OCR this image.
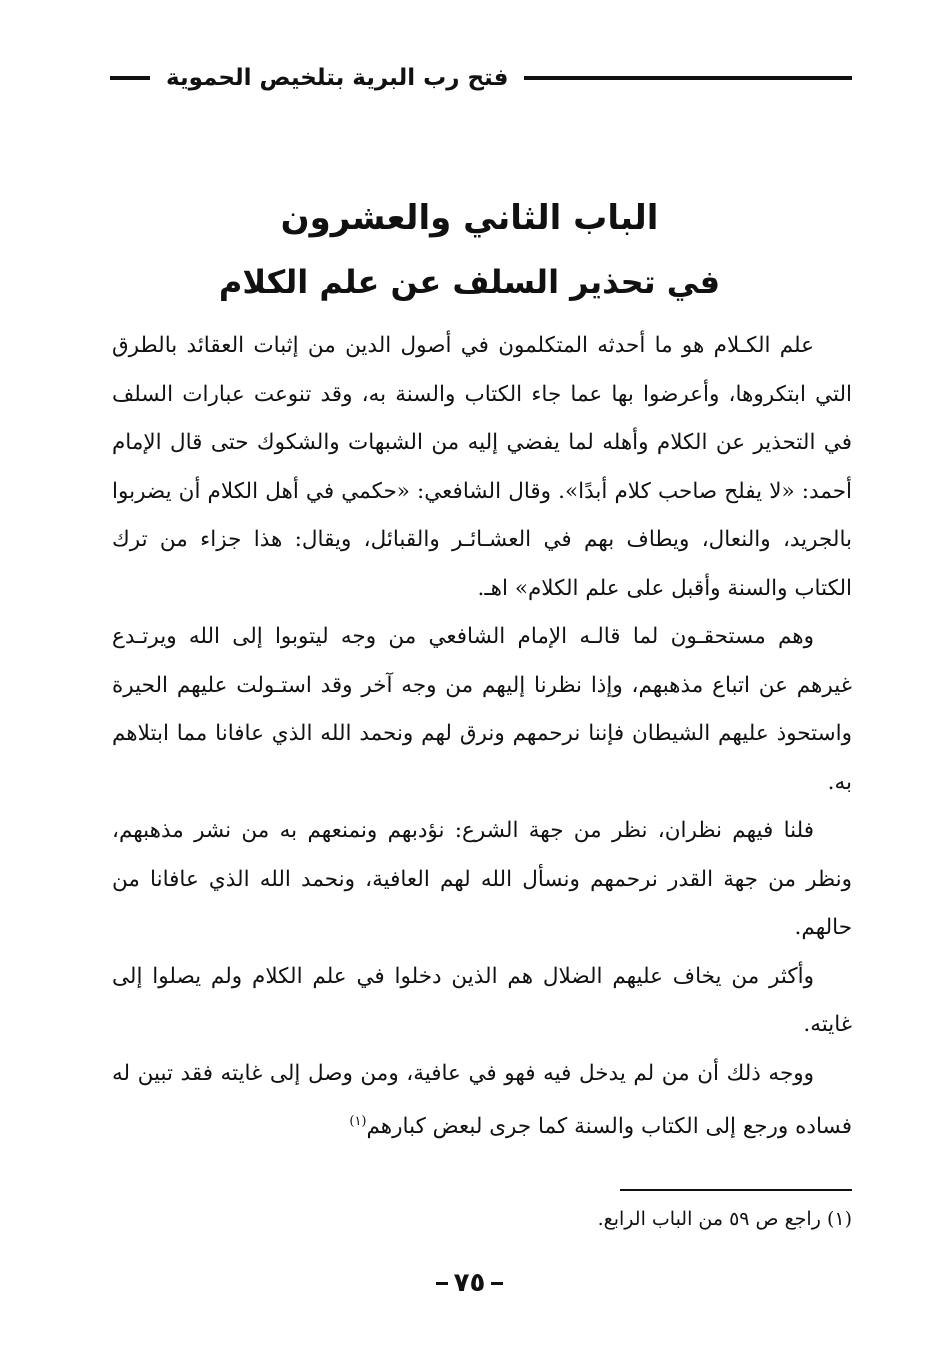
فتح رب البرية بتلخيص الحموية
الباب الثاني والعشرون
في تحذير السلف عن علم الكلام

علم الكـلام هو ما أحدثه المتكلمون في أصول الدين من إثبات العقائد بالطرق التي ابتكروها، وأعرضوا بها عما جاء الكتاب والسنة به، وقد تنوعت عبارات السلف في التحذير عن الكلام وأهله لما يفضي إليه من الشبهات والشكوك حتى قال الإمام أحمد: «لا يفلح صاحب كلام أبدًا». وقال الشافعي: «حكمي في أهل الكلام أن يضربوا بالجريد، والنعال، ويطاف بهم في العشـائـر والقبائل، ويقال: هذا جزاء من ترك الكتاب والسنة وأقبل على علم الكلام» اهـ.

وهم مستحقـون لما قالـه الإمام الشافعي من وجه ليتوبوا إلى الله ويرتـدع غيرهم عن اتباع مذهبهم، وإذا نظرنا إليهم من وجه آخر وقد استـولت عليهم الحيرة واستحوذ عليهم الشيطان فإننا نرحمهم ونرق لهم ونحمد الله الذي عافانا مما ابتلاهم به.

فلنا فيهم نظران، نظر من جهة الشرع: نؤدبهم ونمنعهم به من نشر مذهبهم، ونظر من جهة القدر نرحمهم ونسأل الله لهم العافية، ونحمد الله الذي عافانا من حالهم.

وأكثر من يخاف عليهم الضلال هم الذين دخلوا في علم الكلام ولم يصلوا إلى غايته.

ووجه ذلك أن من لم يدخل فيه فهو في عافية، ومن وصل إلى غايته فقد تبين له فساده ورجع إلى الكتاب والسنة كما جرى لبعض كبارهم$^{(١)}$

(١) راجع ص ٥٩ من الباب الرابع.
٧٥
